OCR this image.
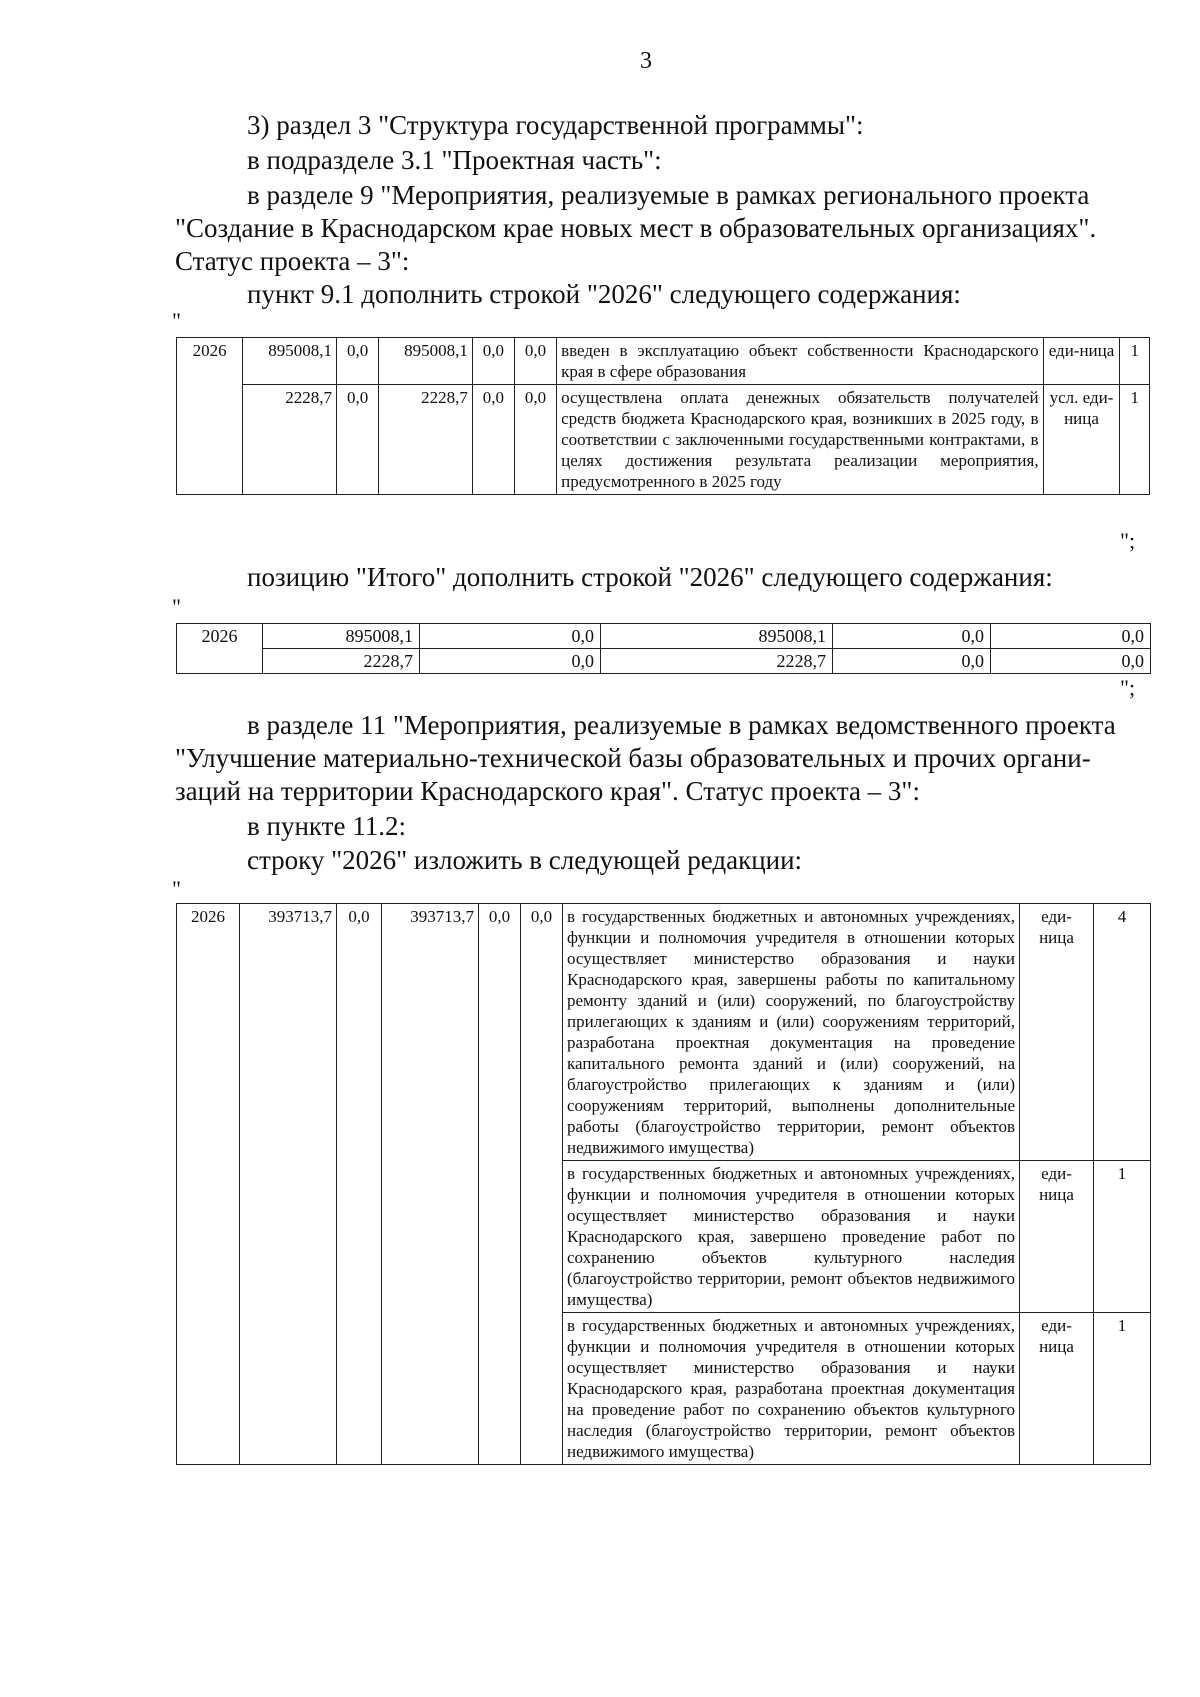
3
3) раздел 3 "Структура государственной программы":
в подразделе 3.1 "Проектная часть":
в разделе 9 "Мероприятия, реализуемые в рамках регионального проекта
"Создание в Краснодарском крае новых мест в образовательных организациях".
Статус проекта – 3":
пункт 9.1 дополнить строкой "2026" следующего содержания:
"
2026	895008,1	0,0	895008,1	0,0	0,0	введен в эксплуатацию объект собственности Краснодарского края в сфере образования	еди-ница	1
	2228,7	0,0	2228,7	0,0	0,0	осуществлена оплата денежных обязательств получателей средств бюджета Краснодарского края, возникших в 2025 году, в соответствии с заключенными государственными контрактами, в целях достижения результата реализации мероприятия, предусмотренного в 2025 году	усл. еди-ница	1
";
позицию "Итого" дополнить строкой "2026" следующего содержания:
"
2026	895008,1	0,0	895008,1	0,0	0,0
	2228,7	0,0	2228,7	0,0	0,0
";
в разделе 11 "Мероприятия, реализуемые в рамках ведомственного проекта
"Улучшение материально-технической базы образовательных и прочих органи-
заций на территории Краснодарского края". Статус проекта – 3":
в пункте 11.2:
строку "2026" изложить в следующей редакции:
"
2026	393713,7	0,0	393713,7	0,0	0,0	в государственных бюджетных и автономных учреждениях, функции и полномочия учредителя в отношении которых осуществляет министерство образования и науки Краснодарского края, завершены работы по капитальному ремонту зданий и (или) сооружений, по благоустройству прилегающих к зданиям и (или) сооружениям территорий, разработана проектная документация на проведение капитального ремонта зданий и (или) сооружений, на благоустройство прилегающих к зданиям и (или) сооружениям территорий, выполнены дополнительные работы (благоустройство территории, ремонт объектов недвижимого имущества)	еди-ница	4
						в государственных бюджетных и автономных учреждениях, функции и полномочия учредителя в отношении которых осуществляет министерство образования и науки Краснодарского края, завершено проведение работ по сохранению объектов культурного наследия (благоустройство территории, ремонт объектов недвижимого имущества)	еди-ница	1
						в государственных бюджетных и автономных учреждениях, функции и полномочия учредителя в отношении которых осуществляет министерство образования и науки Краснодарского края, разработана проектная документация на проведение работ по сохранению объектов культурного наследия (благоустройство территории, ремонт объектов недвижимого имущества)	еди-ница	1
